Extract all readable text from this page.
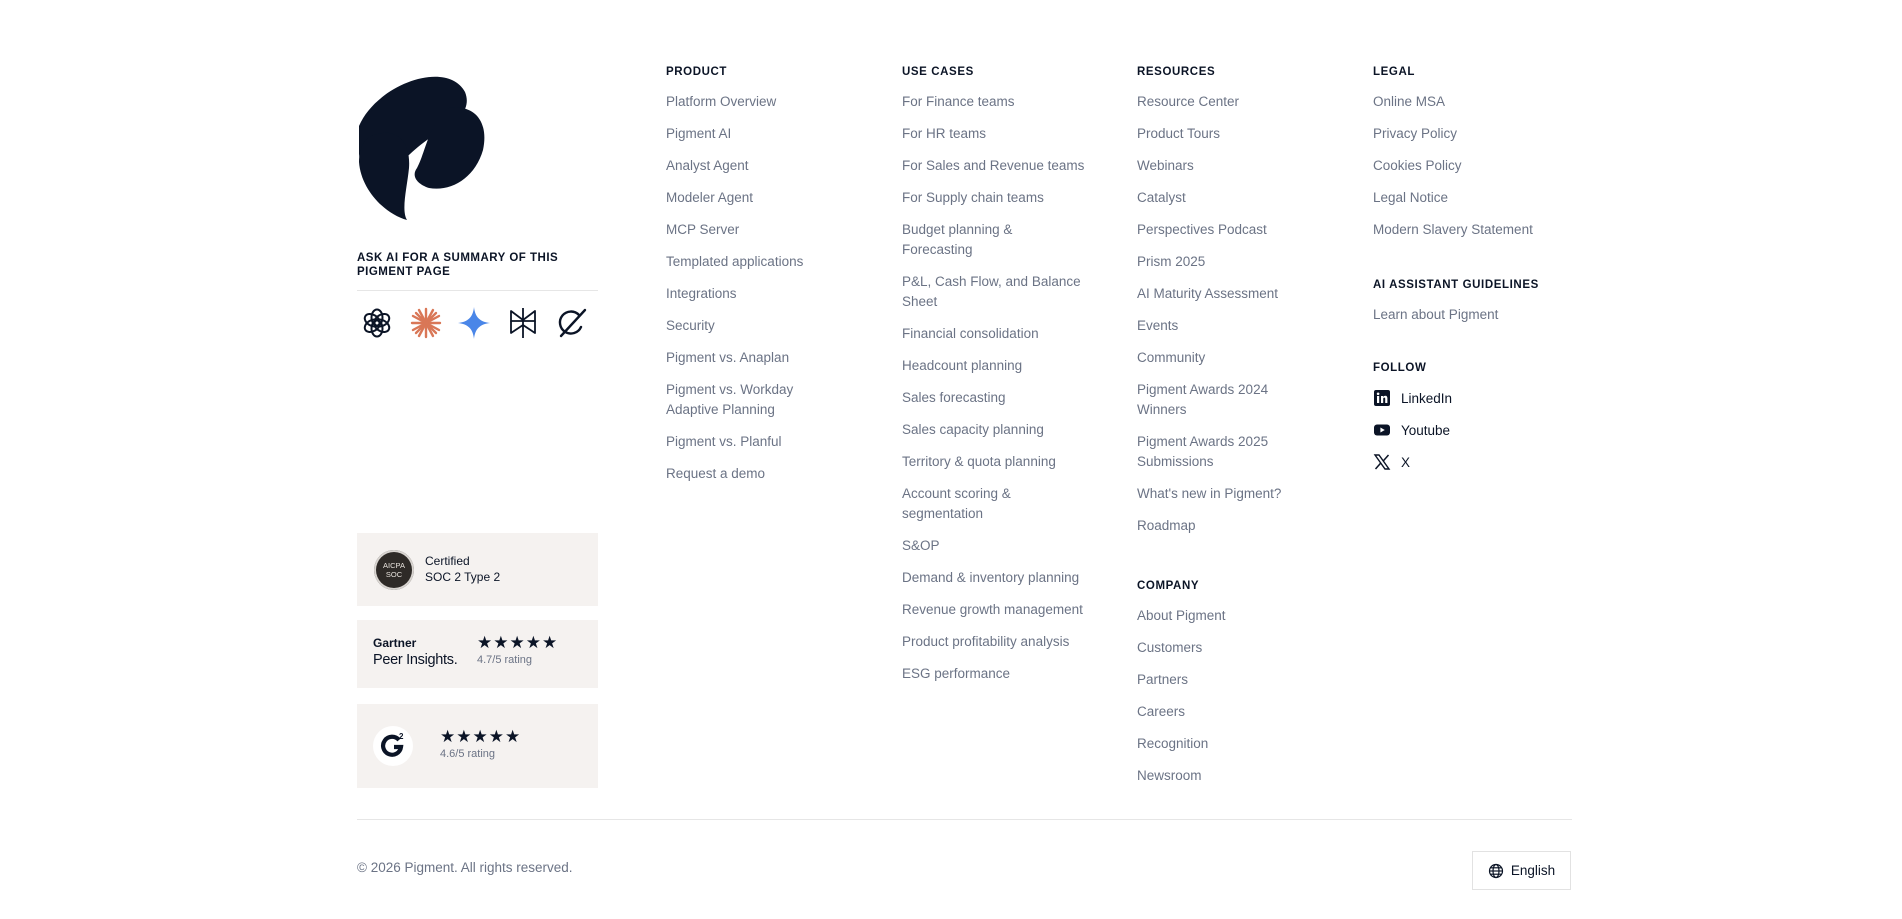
ASK AI FOR A SUMMARY OF THIS PIGMENT PAGE
AICPA SOC
Certified
SOC 2 Type 2
Gartner
Peer Insights.
★★★★★
4.7/5 rating
2 ★★★★★
4.6/5 rating
PRODUCT
Platform Overview
Pigment AI
Analyst Agent
Modeler Agent
MCP Server
Templated applications
Integrations
Security
Pigment vs. Anaplan
Pigment vs. Workday Adaptive Planning
Pigment vs. Planful
Request a demo
USE CASES
For Finance teams
For HR teams
For Sales and Revenue teams
For Supply chain teams
Budget planning & Forecasting
P&L, Cash Flow, and Balance Sheet
Financial consolidation
Headcount planning
Sales forecasting
Sales capacity planning
Territory & quota planning
Account scoring & segmentation
S&OP
Demand & inventory planning
Revenue growth management
Product profitability analysis
ESG performance
RESOURCES
Resource Center
Product Tours
Webinars
Catalyst
Perspectives Podcast
Prism 2025
AI Maturity Assessment
Events
Community
Pigment Awards 2024 Winners
Pigment Awards 2025 Submissions
What's new in Pigment?
Roadmap
COMPANY
About Pigment
Customers
Partners
Careers
Recognition
Newsroom
LEGAL
Online MSA
Privacy Policy
Cookies Policy
Legal Notice
Modern Slavery Statement
AI ASSISTANT GUIDELINES
Learn about Pigment
FOLLOW
LinkedIn
Youtube
X
© 2026 Pigment. All rights reserved.	English
